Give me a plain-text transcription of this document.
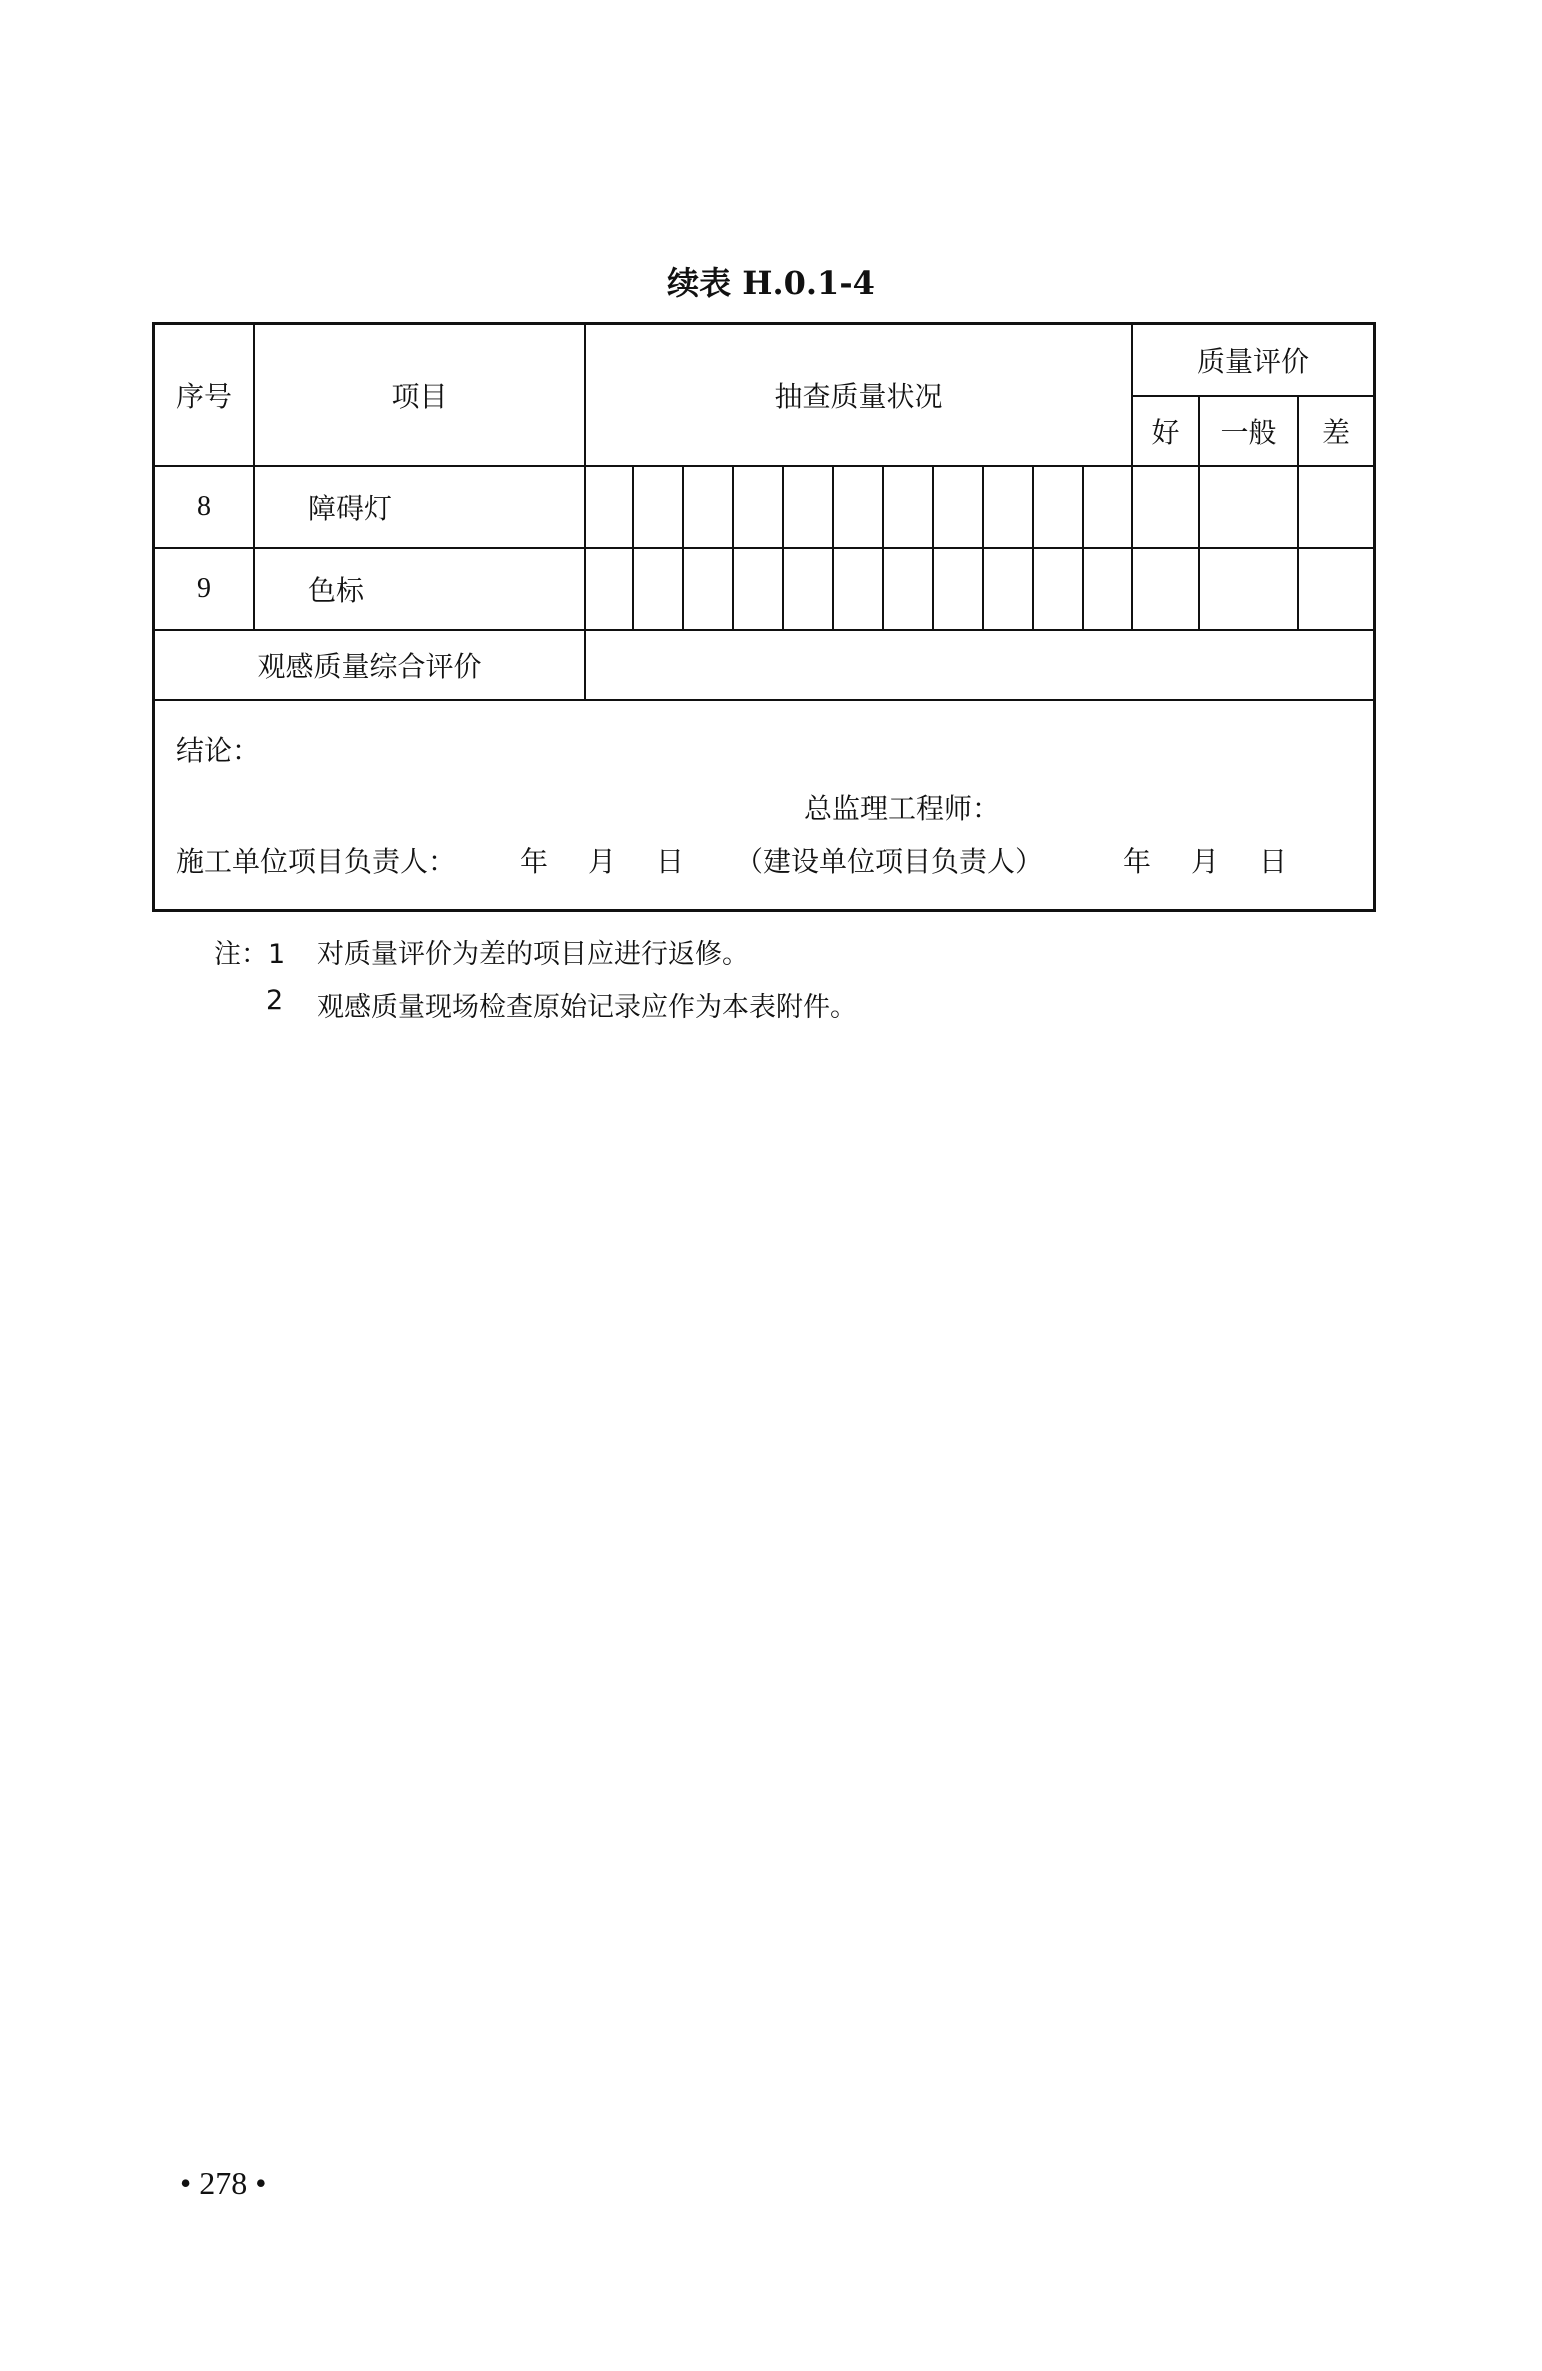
续表 H.0.1-4
序号	项目	抽查质量状况
质量评价
好	一般	差
8	障碍灯
9	色标
观感质量综合评价
结论：
总监理工程师：
施工单位项目负责人： 年　月　日 （建设单位项目负责人）	年　月　日
注：1 对质量评价为差的项目应进行返修。
2 观感质量现场检查原始记录应作为本表附件。
• 278 •
